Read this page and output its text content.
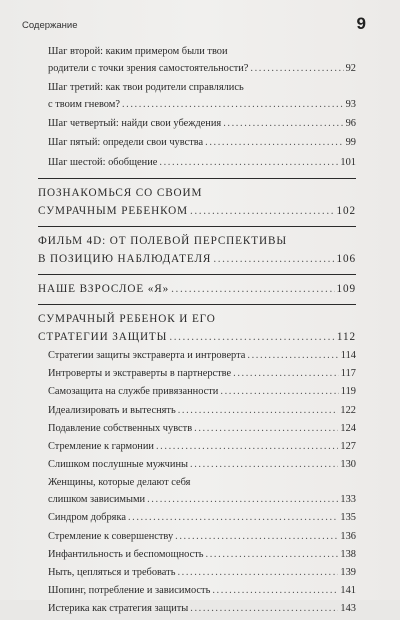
Содержание	9
Шаг второй: каким примером были твои
родители с точки зрения самостоятельности? .....	92
Шаг третий: как твои родители справлялись
с твоим гневом? .....	93
Шаг четвертый: найди свои убеждения .....	96
Шаг пятый: определи свои чувства .....	99
Шаг шестой: обобщение .....	101
ПОЗНАКОМЬСЯ СО СВОИМ
СУМРАЧНЫМ РЕБЕНКОМ .....	102
ФИЛЬМ 4D: ОТ ПОЛЕВОЙ ПЕРСПЕКТИВЫ
В ПОЗИЦИЮ НАБЛЮДАТЕЛЯ .....	106
НАШЕ ВЗРОСЛОЕ «Я» .....	109
СУМРАЧНЫЙ РЕБЕНОК И ЕГО
СТРАТЕГИИ ЗАЩИТЫ .....	112
Стратегии защиты экстраверта и интроверта .....	114
Интроверты и экстраверты в партнерстве .....	117
Самозащита на службе привязанности .....	119
Идеализировать и вытеснять .....	122
Подавление собственных чувств .....	124
Стремление к гармонии .....	127
Слишком послушные мужчины .....	130
Женщины, которые делают себя
слишком зависимыми .....	133
Синдром добряка .....	135
Стремление к совершенству .....	136
Инфантильность и беспомощность .....	138
Ныть, цепляться и требовать .....	139
Шопинг, потребление и зависимость .....	141
Истерика как стратегия защиты .....	143
